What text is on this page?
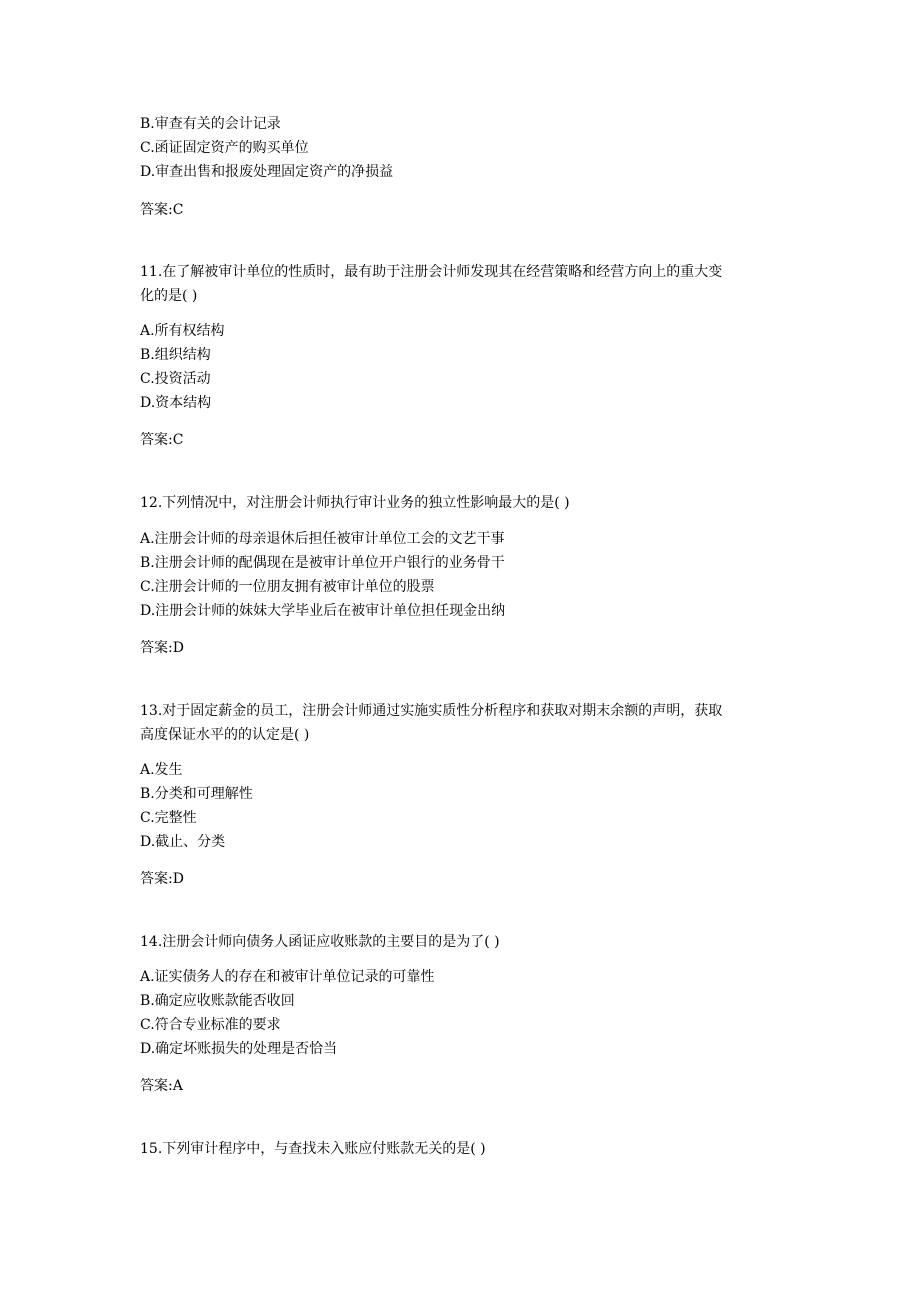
B.审查有关的会计记录
C.函证固定资产的购买单位
D.审查出售和报废处理固定资产的净损益
答案:C
11.在了解被审计单位的性质时，最有助于注册会计师发现其在经营策略和经营方向上的重大变
化的是( )
A.所有权结构
B.组织结构
C.投资活动
D.资本结构
答案:C
12.下列情况中，对注册会计师执行审计业务的独立性影响最大的是( )
A.注册会计师的母亲退休后担任被审计单位工会的文艺干事
B.注册会计师的配偶现在是被审计单位开户银行的业务骨干
C.注册会计师的一位朋友拥有被审计单位的股票
D.注册会计师的妹妹大学毕业后在被审计单位担任现金出纳
答案:D
13.对于固定薪金的员工，注册会计师通过实施实质性分析程序和获取对期末余额的声明，获取
高度保证水平的的认定是( )
A.发生
B.分类和可理解性
C.完整性
D.截止、分类
答案:D
14.注册会计师向债务人函证应收账款的主要目的是为了( )
A.证实债务人的存在和被审计单位记录的可靠性
B.确定应收账款能否收回
C.符合专业标准的要求
D.确定坏账损失的处理是否恰当
答案:A
15.下列审计程序中，与查找未入账应付账款无关的是( )
